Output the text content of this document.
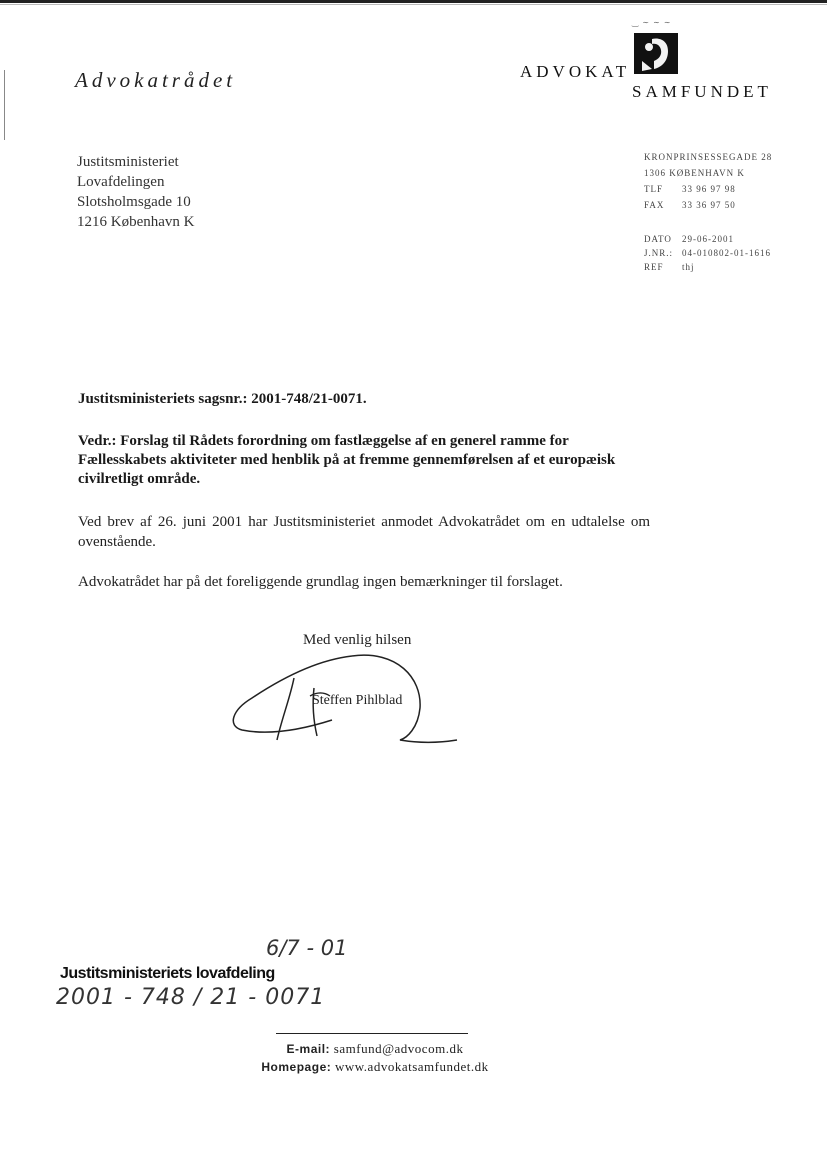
Advokatrådet
‿ ∼ ∼ ∼
ADVOKAT
SAMFUNDET
Justitsministeriet
Lovafdelingen
Slotsholmsgade 10
1216 København K
KRONPRINSESSEGADE 28
1306 KØBENHAVN K
TLF	33 96 97 98
FAX	33 36 97 50
DATO	29-06-2001
J.NR.: 04-010802-01-1616
REF	thj
Justitsministeriets sagsnr.: 2001-748/21-0071.
Vedr.: Forslag til Rådets forordning om fastlæggelse af en generel ramme for Fællesskabets aktiviteter med henblik på at fremme gennemførelsen af et europæisk civilretligt område.
Ved brev af 26. juni 2001 har Justitsministeriet anmodet Advokatrådet om en udtalelse om ovenstående.
Advokatrådet har på det foreliggende grundlag ingen bemærkninger til forslaget.
Med venlig hilsen
Steffen Pihlblad
6/7 - 01
Justitsministeriets lovafdeling
2001 - 748 / 21 - 0071
E-mail: samfund@advocom.dk
Homepage: www.advokatsamfundet.dk
